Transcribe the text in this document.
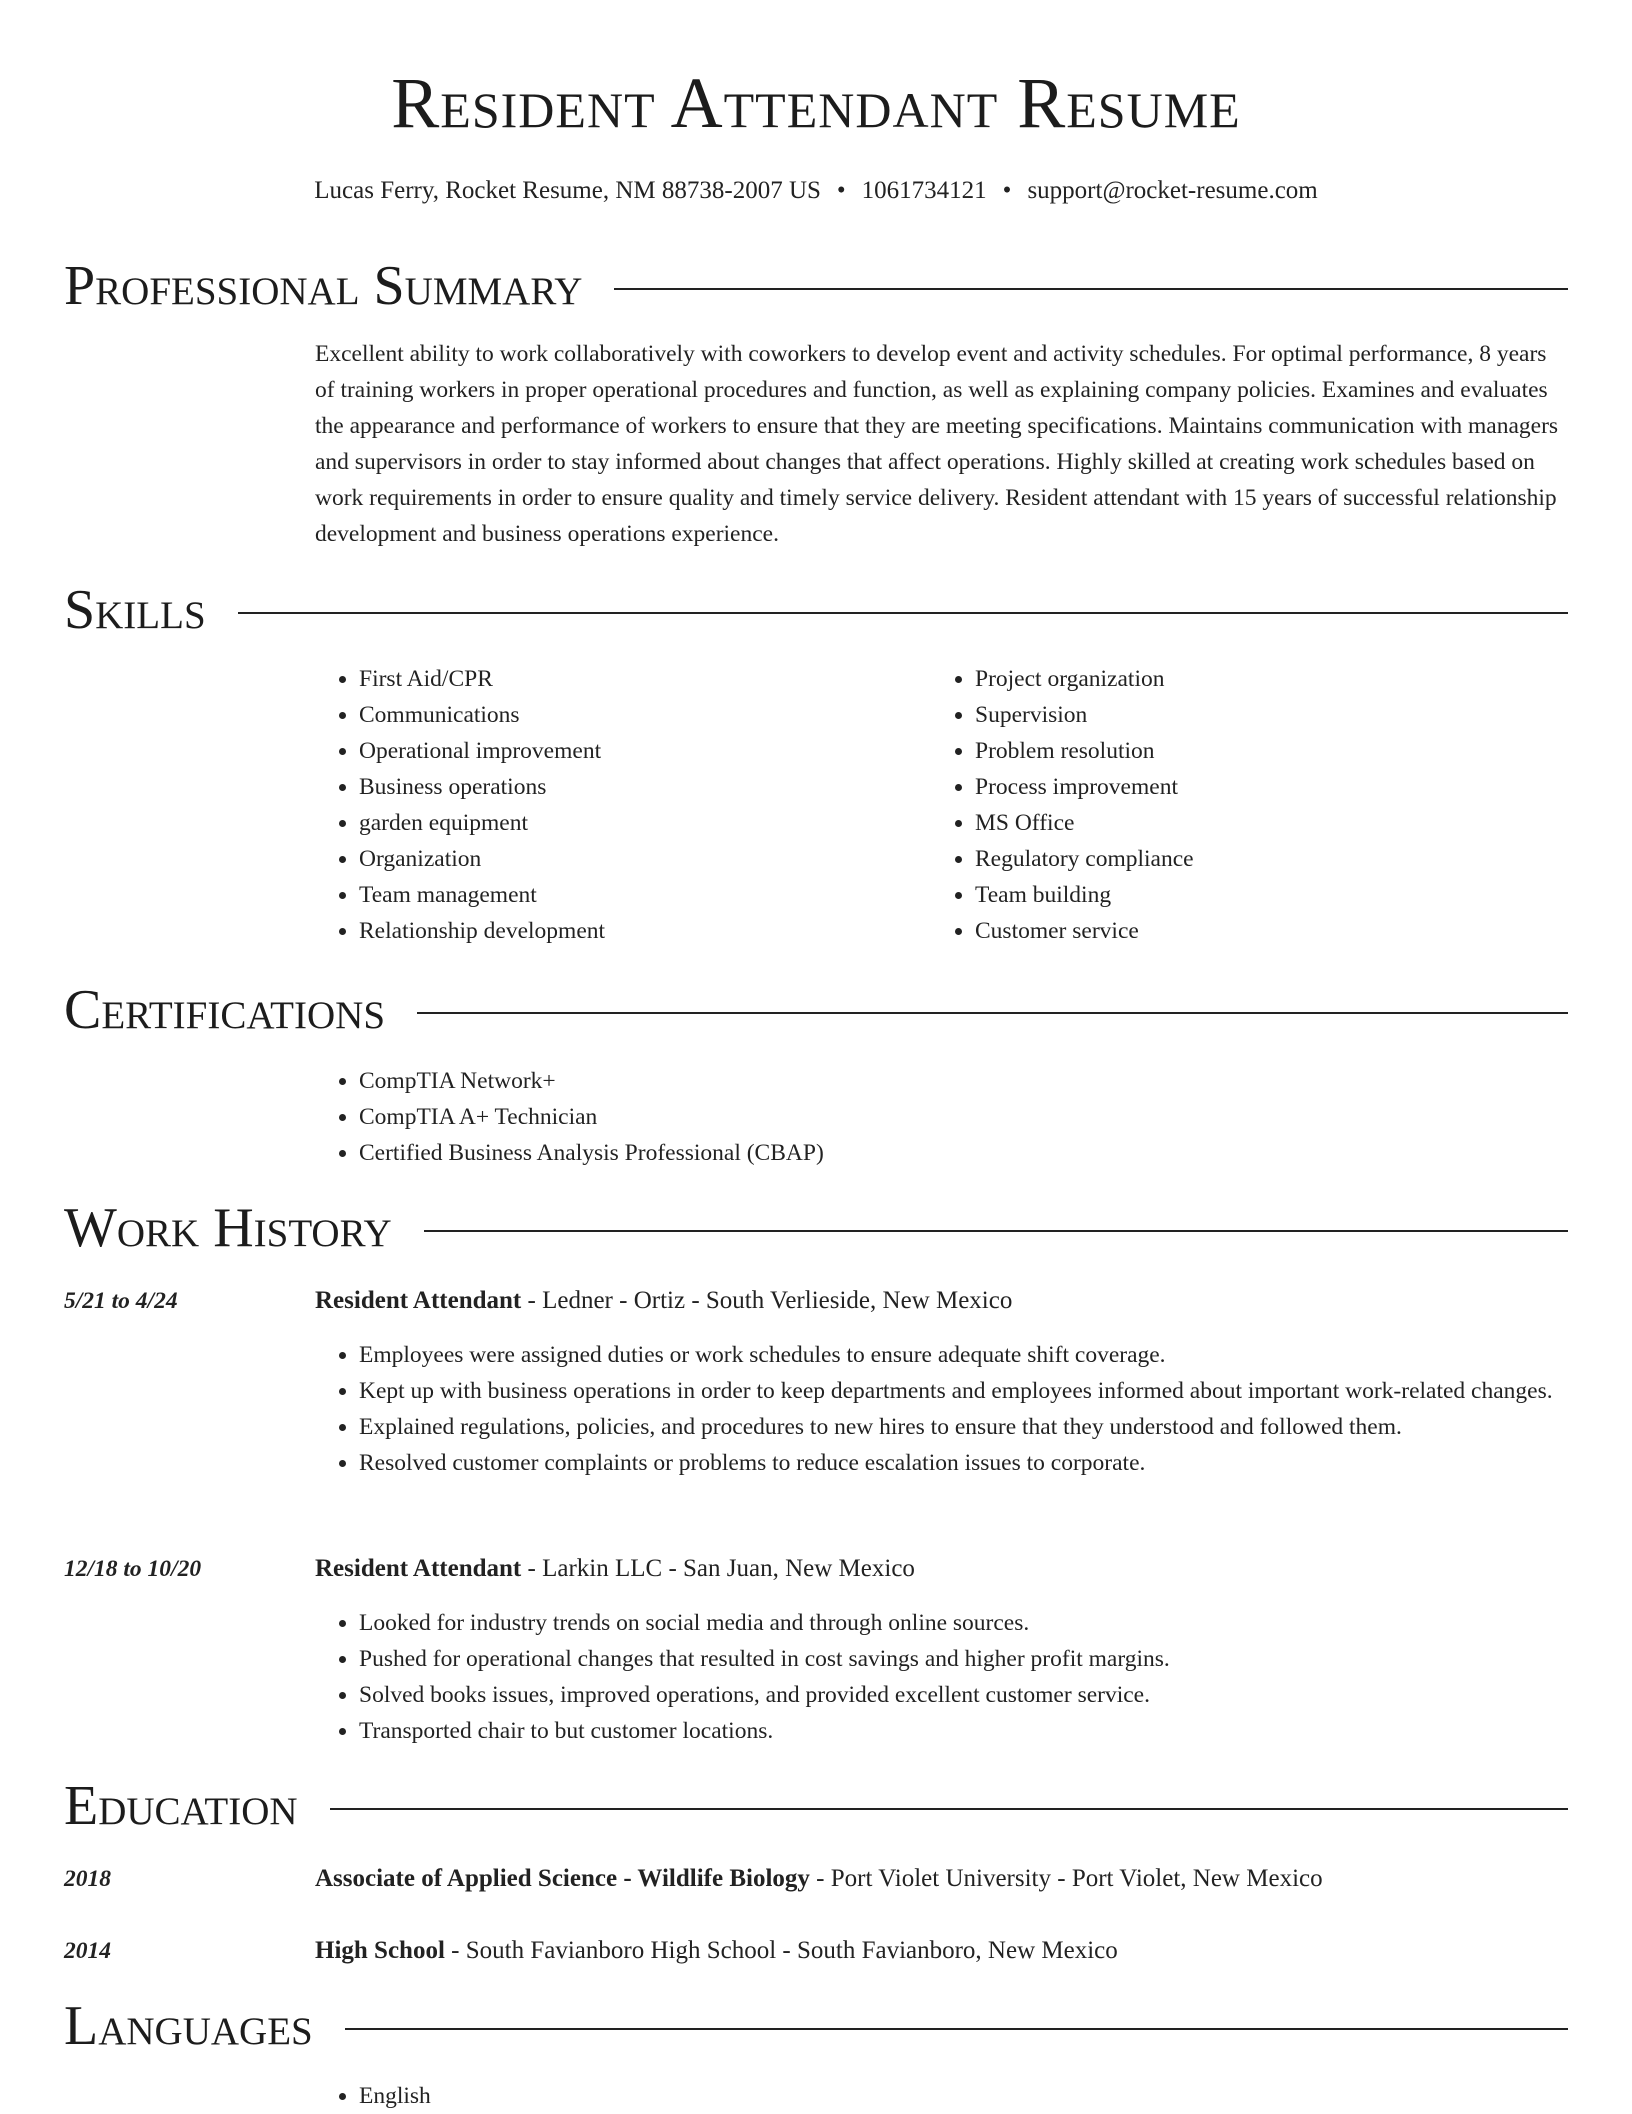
Resident Attendant Resume
Lucas Ferry, Rocket Resume, NM 88738-2007 US • 1061734121 • support@rocket-resume.com
Professional Summary
Excellent ability to work collaboratively with coworkers to develop event and activity schedules. For optimal performance, 8 years of training workers in proper operational procedures and function, as well as explaining company policies. Examines and evaluates the appearance and performance of workers to ensure that they are meeting specifications. Maintains communication with managers and supervisors in order to stay informed about changes that affect operations. Highly skilled at creating work schedules based on work requirements in order to ensure quality and timely service delivery. Resident attendant with 15 years of successful relationship development and business operations experience.
Skills
• First Aid/CPR
• Communications
• Operational improvement
• Business operations
• garden equipment
• Organization
• Team management
• Relationship development
• Project organization
• Supervision
• Problem resolution
• Process improvement
• MS Office
• Regulatory compliance
• Team building
• Customer service
Certifications
• CompTIA Network+
• CompTIA A+ Technician
• Certified Business Analysis Professional (CBAP)
Work History
5/21 to 4/24	Resident Attendant - Ledner - Ortiz - South Verlieside, New Mexico
• Employees were assigned duties or work schedules to ensure adequate shift coverage.
• Kept up with business operations in order to keep departments and employees informed about important work-related changes.
• Explained regulations, policies, and procedures to new hires to ensure that they understood and followed them.
• Resolved customer complaints or problems to reduce escalation issues to corporate.
12/18 to 10/20	Resident Attendant - Larkin LLC - San Juan, New Mexico
• Looked for industry trends on social media and through online sources.
• Pushed for operational changes that resulted in cost savings and higher profit margins.
• Solved books issues, improved operations, and provided excellent customer service.
• Transported chair to but customer locations.
Education
2018	Associate of Applied Science - Wildlife Biology - Port Violet University - Port Violet, New Mexico
2014	High School - South Favianboro High School - South Favianboro, New Mexico
Languages
• English
